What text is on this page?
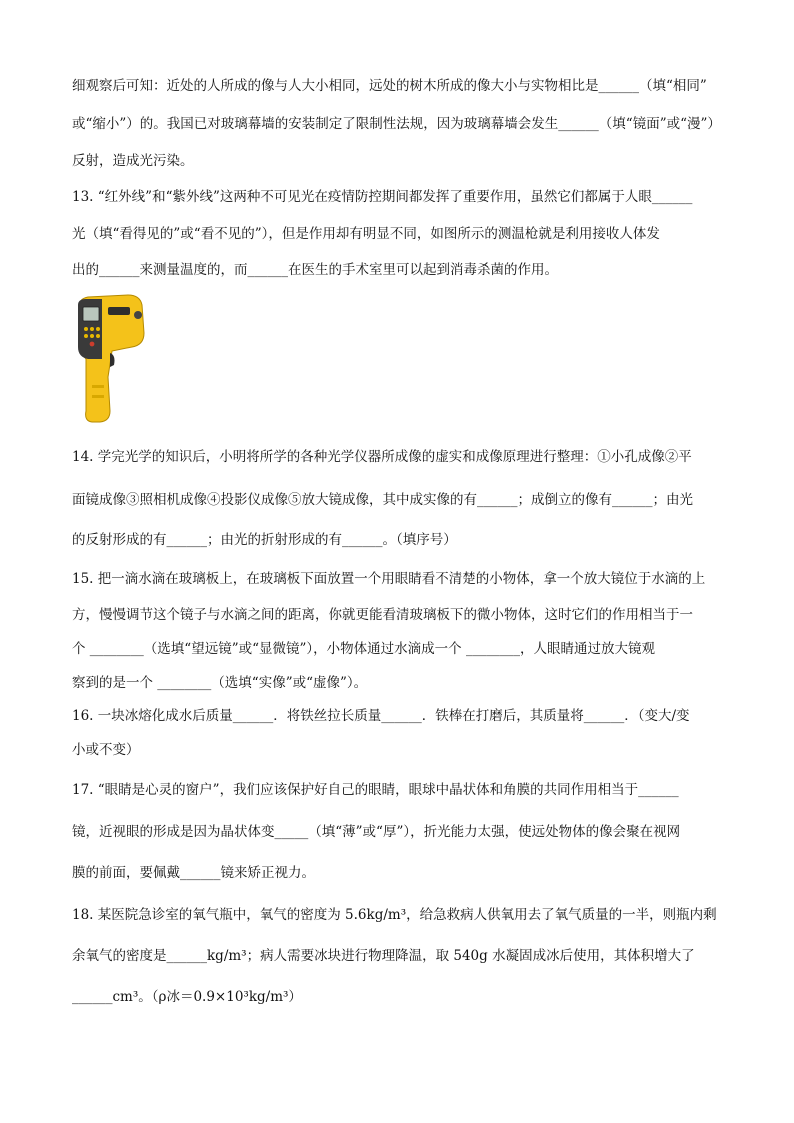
细观察后可知：近处的人所成的像与人大小相同，远处的树木所成的像大小与实物相比是______（填“相同”
或“缩小”）的。我国已对玻璃幕墙的安装制定了限制性法规，因为玻璃幕墙会发生______（填“镜面”或“漫”）
反射，造成光污染。
13. “红外线”和“紫外线”这两种不可见光在疫情防控期间都发挥了重要作用，虽然它们都属于人眼______
光（填“看得见的”或“看不见的”），但是作用却有明显不同，如图所示的测温枪就是利用接收人体发
出的______来测量温度的，而______在医生的手术室里可以起到消毒杀菌的作用。
14. 学完光学的知识后，小明将所学的各种光学仪器所成像的虚实和成像原理进行整理：①小孔成像②平
面镜成像③照相机成像④投影仪成像⑤放大镜成像，其中成实像的有______；成倒立的像有______；由光
的反射形成的有______；由光的折射形成的有______。（填序号）
15. 把一滴水滴在玻璃板上，在玻璃板下面放置一个用眼睛看不清楚的小物体，拿一个放大镜位于水滴的上
方，慢慢调节这个镜子与水滴之间的距离，你就更能看清玻璃板下的微小物体，这时它们的作用相当于一
个 ________（选填“望远镜”或“显微镜”），小物体通过水滴成一个 ________，人眼睛通过放大镜观
察到的是一个 ________（选填“实像”或“虚像”）。
16. 一块冰熔化成水后质量______．将铁丝拉长质量______．铁棒在打磨后，其质量将______．（变大/变
小或不变）
17. “眼睛是心灵的窗户”，我们应该保护好自己的眼睛，眼球中晶状体和角膜的共同作用相当于______
镜，近视眼的形成是因为晶状体变_____（填“薄”或“厚”），折光能力太强，使远处物体的像会聚在视网
膜的前面，要佩戴______镜来矫正视力。
18. 某医院急诊室的氧气瓶中，氧气的密度为 5.6kg/m³，给急救病人供氧用去了氧气质量的一半，则瓶内剩
余氧气的密度是______kg/m³；病人需要冰块进行物理降温，取 540g 水凝固成冰后使用，其体积增大了
______cm³。（ρ冰＝0.9×10³kg/m³）
